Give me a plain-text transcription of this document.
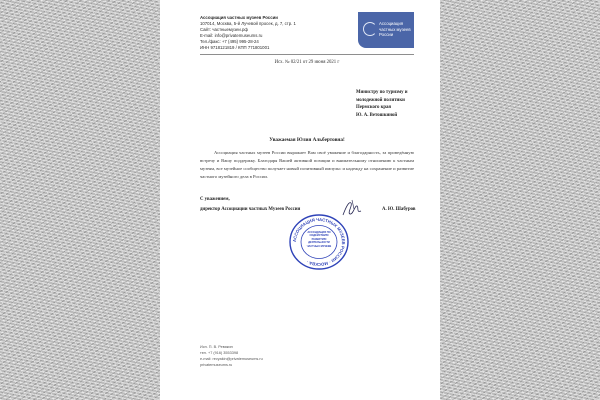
Ассоциация частных музеев России
107014, Москва, 5-й Лучевой просек, д. 7, стр. 1
Сайт: частныемузеи.рф
E-mail: info@privatemuseums.ru
Тел./факс: +7 (495) 995-28-24
ИНН 9718121819 / КПП 771801001
Ассоциация
частных музеев
России
Исх. № 02/21 от 29 июня 2021 г
Министру по туризму и
молодежной политики
Пермского края
Ю. А. Ветошкиной
Уважаемая Юлия Альбертовна!
Ассоциация частных музеев России выражает Вам своё уважение и благодарность, за проведённую встречу и Вашу поддержку. Благодаря Вашей активной позиции и внимательному отношению к частным музеям, все музейное сообщество получает новый позитивный импульс и надежду на сохранение и развитие частного музейного дела в России.
С уважением,
директор Ассоциации частных Музеев России	А. Ю. Шабуров
АССОЦИАЦИЯ ЧАСТНЫХ МУЗЕЕВ РОССИИ · МОСКВА ·
АССОЦИАЦИЯ ПО СОДЕЙСТВИЮ РАЗВИТИЮ ДЕЯТЕЛЬНОСТИ ЧАСТНЫХ МУЗЕЕВ
Исп. П. В. Ревякин
тел. +7 (916) 3553398
e-mail: revyakin@privatemuseums.ru
privatemuseums.ru
